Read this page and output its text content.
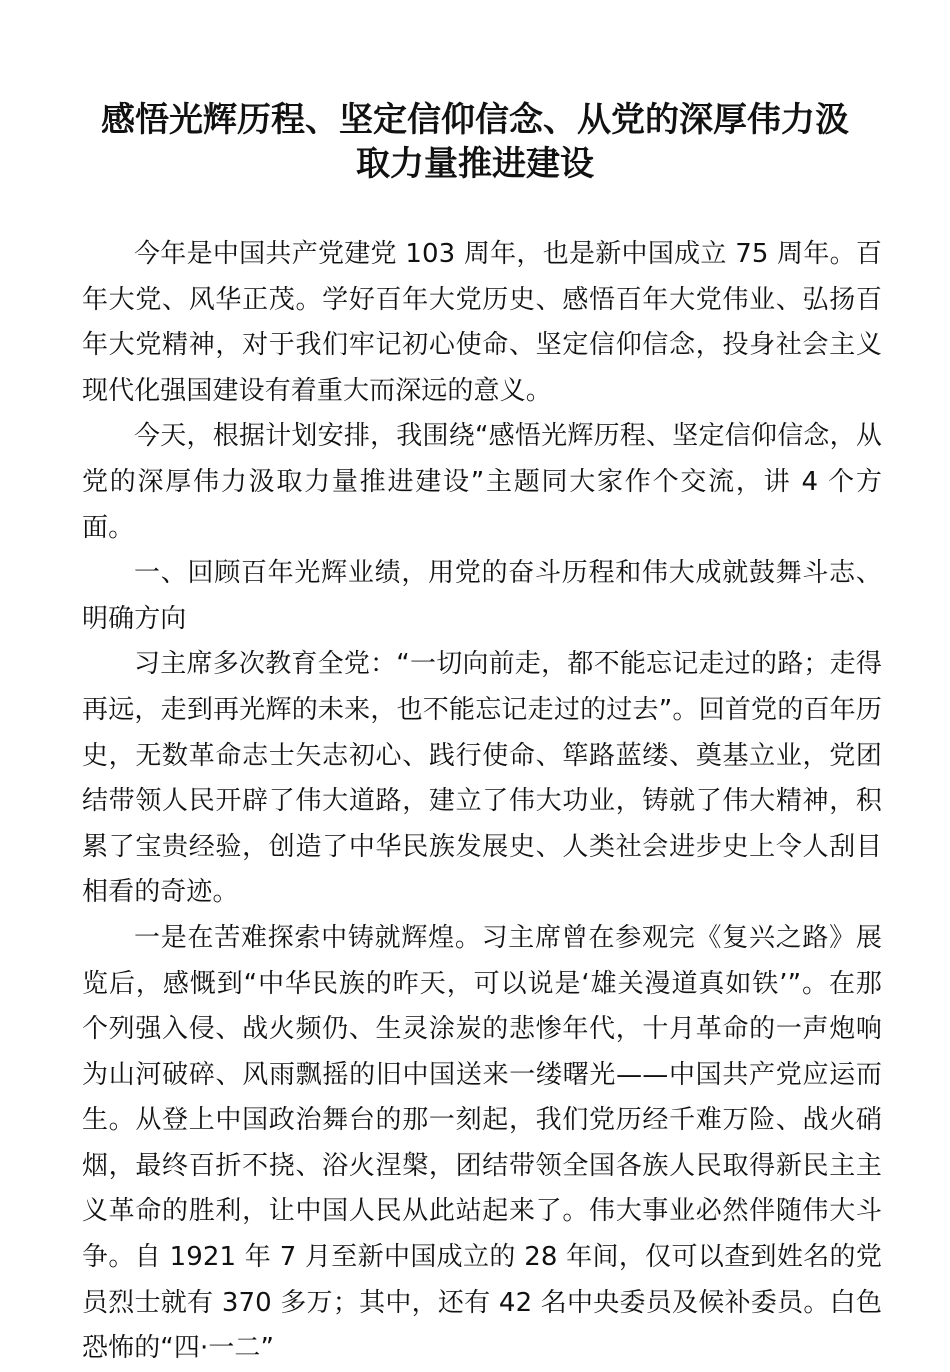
感悟光辉历程、坚定信仰信念、从党的深厚伟力汲
取力量推进建设

今年是中国共产党建党 103 周年，也是新中国成立 75 周年。百年大党、风华正茂。学好百年大党历史、感悟百年大党伟业、弘扬百年大党精神，对于我们牢记初心使命、坚定信仰信念，投身社会主义现代化强国建设有着重大而深远的意义。

今天，根据计划安排，我围绕“感悟光辉历程、坚定信仰信念，从党的深厚伟力汲取力量推进建设”主题同大家作个交流，讲 4 个方面。

一、回顾百年光辉业绩，用党的奋斗历程和伟大成就鼓舞斗志、明确方向

习主席多次教育全党：“一切向前走，都不能忘记走过的路；走得再远，走到再光辉的未来，也不能忘记走过的过去”。回首党的百年历史，无数革命志士矢志初心、践行使命、筚路蓝缕、奠基立业，党团结带领人民开辟了伟大道路，建立了伟大功业，铸就了伟大精神，积累了宝贵经验，创造了中华民族发展史、人类社会进步史上令人刮目相看的奇迹。

一是在苦难探索中铸就辉煌。习主席曾在参观完《复兴之路》展览后，感慨到“中华民族的昨天，可以说是‘雄关漫道真如铁’”。在那个列强入侵、战火频仍、生灵涂炭的悲惨年代，十月革命的一声炮响为山河破碎、风雨飘摇的旧中国送来一缕曙光——中国共产党应运而生。从登上中国政治舞台的那一刻起，我们党历经千难万险、战火硝烟，最终百折不挠、浴火涅槃，团结带领全国各族人民取得新民主主义革命的胜利，让中国人民从此站起来了。伟大事业必然伴随伟大斗争。自 1921 年 7 月至新中国成立的 28 年间，仅可以查到姓名的党员烈士就有 370 多万；其中，还有 42 名中央委员及候补委员。白色恐怖的“四·一二”
